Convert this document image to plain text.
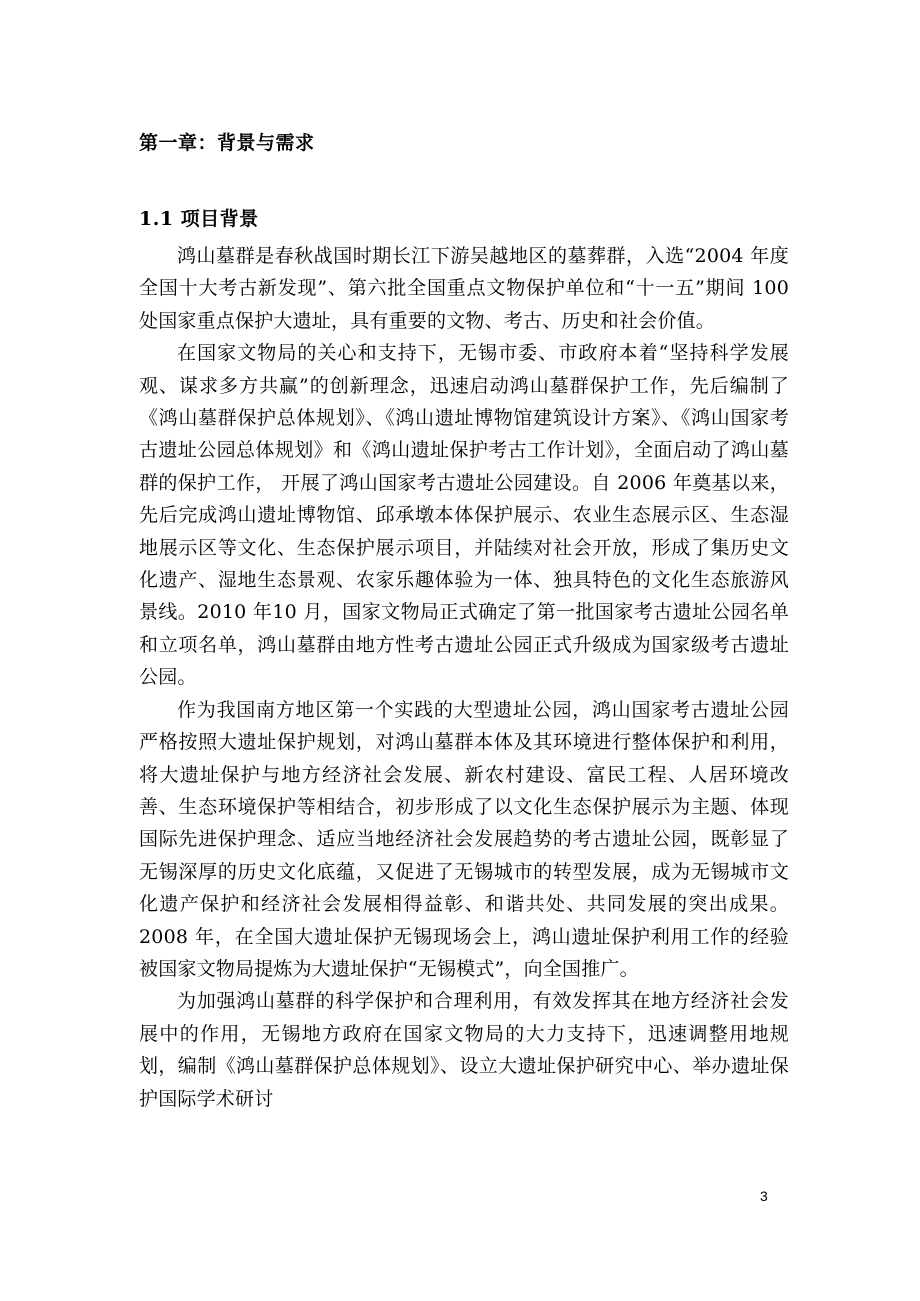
第一章：背景与需求
1.1 项目背景

鸿山墓群是春秋战国时期长江下游吴越地区的墓葬群，入选“2004 年度全国十大考古新发现”、第六批全国重点文物保护单位和“十一五”期间 100 处国家重点保护大遗址，具有重要的文物、考古、历史和社会价值。

在国家文物局的关心和支持下，无锡市委、市政府本着“坚持科学发展观、谋求多方共赢”的创新理念，迅速启动鸿山墓群保护工作，先后编制了《鸿山墓群保护总体规划》、《鸿山遗址博物馆建筑设计方案》、《鸿山国家考古遗址公园总体规划》和《鸿山遗址保护考古工作计划》，全面启动了鸿山墓群的保护工作， 开展了鸿山国家考古遗址公园建设。自 2006 年奠基以来，先后完成鸿山遗址博物馆、邱承墩本体保护展示、农业生态展示区、生态湿地展示区等文化、生态保护展示项目，并陆续对社会开放，形成了集历史文化遗产、湿地生态景观、农家乐趣体验为一体、独具特色的文化生态旅游风景线。2010 年10 月，国家文物局正式确定了第一批国家考古遗址公园名单和立项名单，鸿山墓群由地方性考古遗址公园正式升级成为国家级考古遗址公园。

作为我国南方地区第一个实践的大型遗址公园，鸿山国家考古遗址公园严格按照大遗址保护规划，对鸿山墓群本体及其环境进行整体保护和利用，将大遗址保护与地方经济社会发展、新农村建设、富民工程、人居环境改善、生态环境保护等相结合，初步形成了以文化生态保护展示为主题、体现国际先进保护理念、适应当地经济社会发展趋势的考古遗址公园，既彰显了无锡深厚的历史文化底蕴，又促进了无锡城市的转型发展，成为无锡城市文化遗产保护和经济社会发展相得益彰、和谐共处、共同发展的突出成果。2008 年，在全国大遗址保护无锡现场会上，鸿山遗址保护利用工作的经验被国家文物局提炼为大遗址保护“无锡模式”，向全国推广。

为加强鸿山墓群的科学保护和合理利用，有效发挥其在地方经济社会发展中的作用，无锡地方政府在国家文物局的大力支持下，迅速调整用地规划，编制《鸿山墓群保护总体规划》、设立大遗址保护研究中心、举办遗址保护国际学术研讨

3
